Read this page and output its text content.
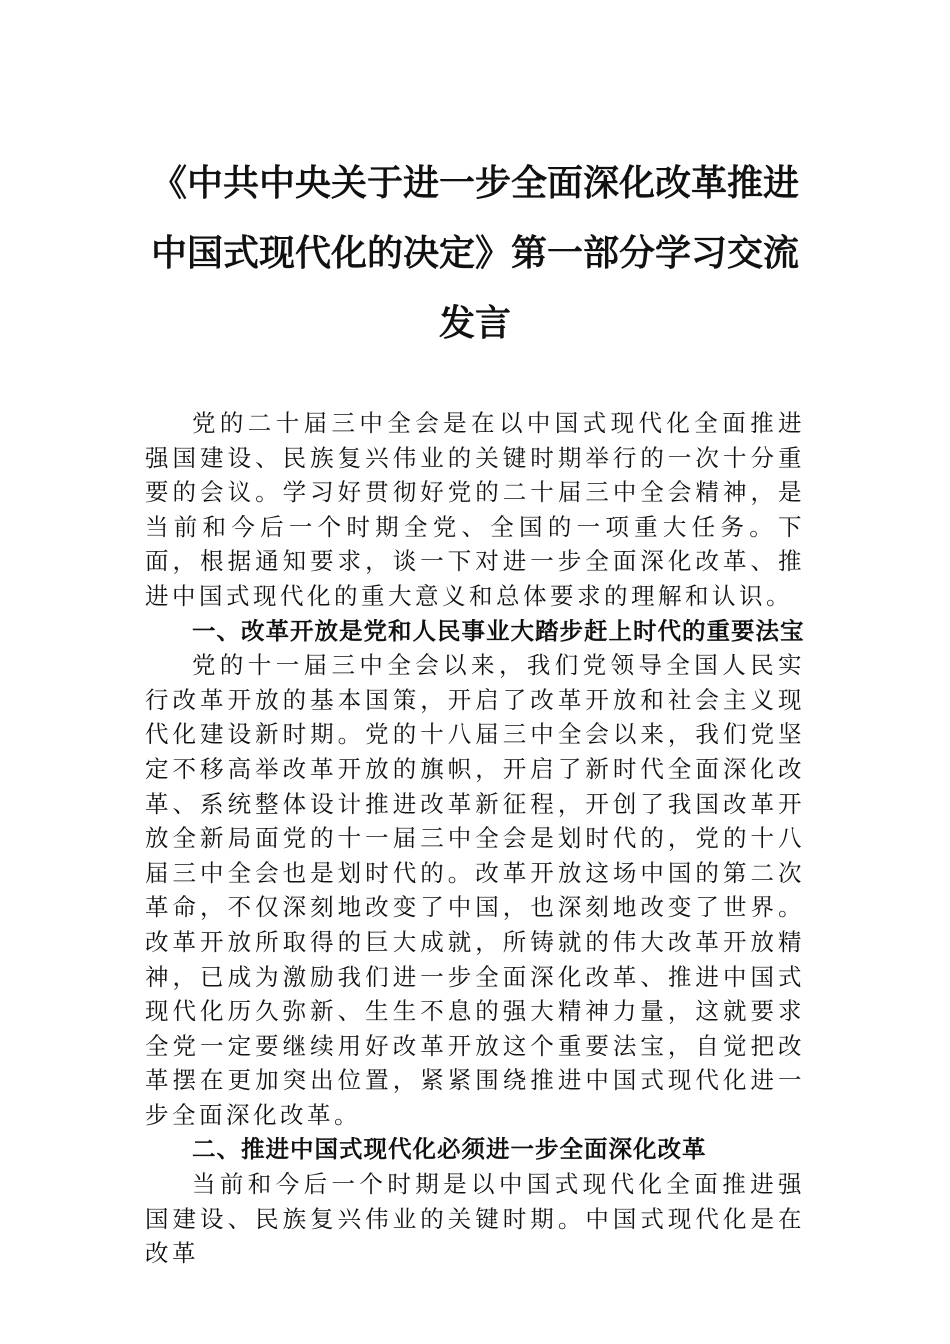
《中共中央关于进一步全面深化改革推进
中国式现代化的决定》第一部分学习交流
发言

党的二十届三中全会是在以中国式现代化全面推进强国建设、民族复兴伟业的关键时期举行的一次十分重要的会议。学习好贯彻好党的二十届三中全会精神，是当前和今后一个时期全党、全国的一项重大任务。下面，根据通知要求，谈一下对进一步全面深化改革、推进中国式现代化的重大意义和总体要求的理解和认识。

一、改革开放是党和人民事业大踏步赶上时代的重要法宝

党的十一届三中全会以来，我们党领导全国人民实行改革开放的基本国策，开启了改革开放和社会主义现代化建设新时期。党的十八届三中全会以来，我们党坚定不移高举改革开放的旗帜，开启了新时代全面深化改革、系统整体设计推进改革新征程，开创了我国改革开放全新局面党的十一届三中全会是划时代的，党的十八届三中全会也是划时代的。改革开放这场中国的第二次革命，不仅深刻地改变了中国，也深刻地改变了世界。改革开放所取得的巨大成就，所铸就的伟大改革开放精神，已成为激励我们进一步全面深化改革、推进中国式现代化历久弥新、生生不息的强大精神力量，这就要求全党一定要继续用好改革开放这个重要法宝，自觉把改革摆在更加突出位置，紧紧围绕推进中国式现代化进一步全面深化改革。

二、推进中国式现代化必须进一步全面深化改革

当前和今后一个时期是以中国式现代化全面推进强国建设、民族复兴伟业的关键时期。中国式现代化是在改革
